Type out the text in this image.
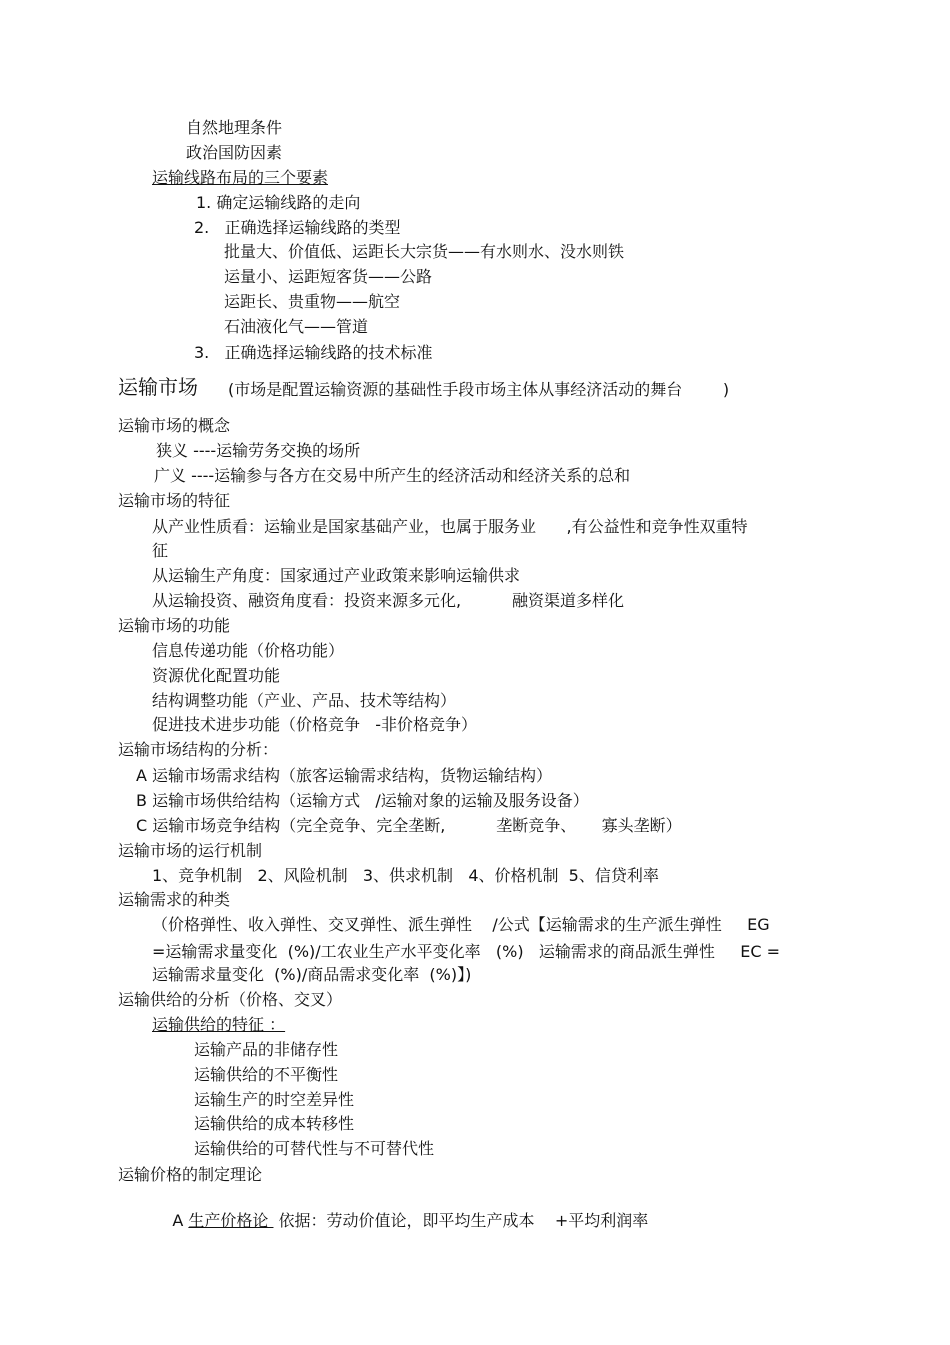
自然地理条件
政治国防因素
运输线路布局的三个要素
1. 确定运输线路的走向
2.   正确选择运输线路的类型
批量大、价值低、运距长大宗货——有水则水、没水则铁
运量小、运距短客货——公路
运距长、贵重物——航空
石油液化气——管道
3.   正确选择运输线路的技术标准
运输市场 (市场是配置运输资源的基础性手段市场主体从事经济活动的舞台        )
运输市场的概念
狭义 ----运输劳务交换的场所
广义 ----运输参与各方在交易中所产生的经济活动和经济关系的总和
运输市场的特征
从产业性质看：运输业是国家基础产业，也属于服务业      ,有公益性和竞争性双重特
征
从运输生产角度：国家通过产业政策来影响运输供求
从运输投资、融资角度看：投资来源多元化,          融资渠道多样化
运输市场的功能
信息传递功能（价格功能）
资源优化配置功能
结构调整功能（产业、产品、技术等结构）
促进技术进步功能（价格竞争   -非价格竞争）
运输市场结构的分析：
A 运输市场需求结构（旅客运输需求结构，货物运输结构）
B 运输市场供给结构（运输方式   /运输对象的运输及服务设备）
C 运输市场竞争结构（完全竞争、完全垄断,          垄断竞争、     寡头垄断）
运输市场的运行机制
1、竞争机制   2、风险机制   3、供求机制   4、价格机制  5、信贷利率
运输需求的种类
（价格弹性、收入弹性、交叉弹性、派生弹性    /公式【运输需求的生产派生弹性     EG
=运输需求量变化  (%)/工农业生产水平变化率   (%)   运输需求的商品派生弹性     EC =
运输需求量变化  (%)/商品需求变化率  (%)】)
运输供给的分析（价格、交叉）
运输供给的特征 ：
运输产品的非储存性
运输供给的不平衡性
运输生产的时空差异性
运输供给的成本转移性
运输供给的可替代性与不可替代性
运输价格的制定理论

A 生产价格论  依据：劳动价值论，即平均生产成本    +平均利润率
